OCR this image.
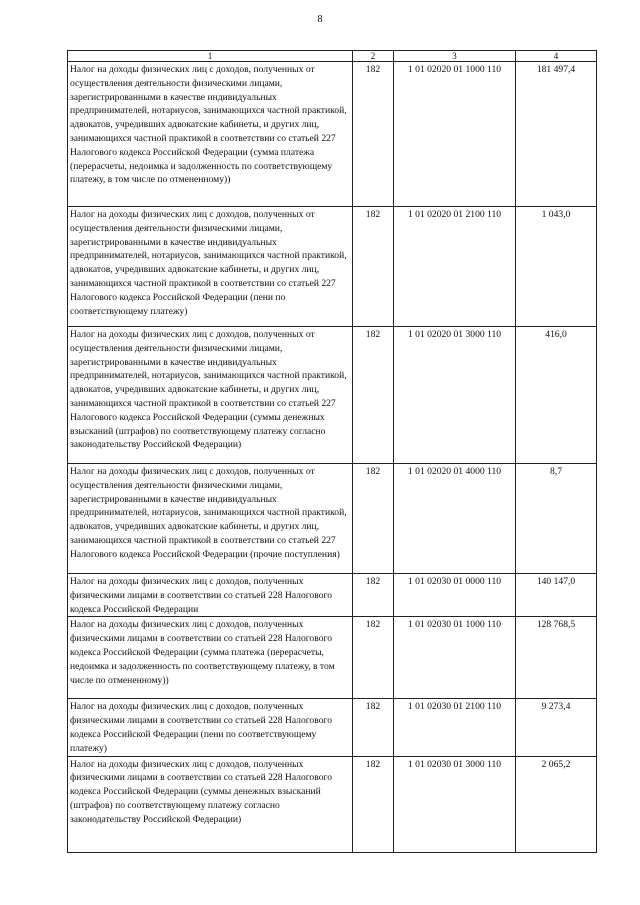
8
1	2	3	4
Налог на доходы физических лиц с доходов, полученных от осуществления деятельности физическими лицами, зарегистрированными в качестве индивидуальных предпринимателей, нотариусов, занимающихся частной практикой, адвокатов, учредивших адвокатские кабинеты, и других лиц, занимающихся частной практикой в соответствии со статьей 227 Налогового кодекса Российской Федерации (сумма платежа (перерасчеты, недоимка и задолженность по соответствующему платежу, в том числе по отмененному))	182	1 01 02020 01 1000 110	181 497,4
Налог на доходы физических лиц с доходов, полученных от осуществления деятельности физическими лицами, зарегистрированными в качестве индивидуальных предпринимателей, нотариусов, занимающихся частной практикой, адвокатов, учредивших адвокатские кабинеты, и других лиц, занимающихся частной практикой в соответствии со статьей 227 Налогового кодекса Российской Федерации (пени по соответствующему платежу)	182	1 01 02020 01 2100 110	1 043,0
Налог на доходы физических лиц с доходов, полученных от осуществления деятельности физическими лицами, зарегистрированными в качестве индивидуальных предпринимателей, нотариусов, занимающихся частной практикой, адвокатов, учредивших адвокатские кабинеты, и других лиц, занимающихся частной практикой в соответствии со статьей 227 Налогового кодекса Российской Федерации (суммы денежных взысканий (штрафов) по соответствующему платежу согласно законодательству Российской Федерации)	182	1 01 02020 01 3000 110	416,0
Налог на доходы физических лиц с доходов, полученных от осуществления деятельности физическими лицами, зарегистрированными в качестве индивидуальных предпринимателей, нотариусов, занимающихся частной практикой, адвокатов, учредивших адвокатские кабинеты, и других лиц, занимающихся частной практикой в соответствии со статьей 227 Налогового кодекса Российской Федерации (прочие поступления)	182	1 01 02020 01 4000 110	8,7
Налог на доходы физических лиц с доходов, полученных физическими лицами в соответствии со статьей 228 Налогового кодекса Российской Федерации	182	1 01 02030 01 0000 110	140 147,0
Налог на доходы физических лиц с доходов, полученных физическими лицами в соответствии со статьей 228 Налогового кодекса Российской Федерации (сумма платежа (перерасчеты, недоимка и задолженность по соответствующему платежу, в том числе по отмененному))	182	1 01 02030 01 1000 110	128 768,5
Налог на доходы физических лиц с доходов, полученных физическими лицами в соответствии со статьей 228 Налогового кодекса Российской Федерации (пени по соответствующему платежу)	182	1 01 02030 01 2100 110	9 273,4
Налог на доходы физических лиц с доходов, полученных физическими лицами в соответствии со статьей 228 Налогового кодекса Российской Федерации (суммы денежных взысканий (штрафов) по соответствующему платежу согласно законодательству Российской Федерации)	182	1 01 02030 01 3000 110	2 065,2
